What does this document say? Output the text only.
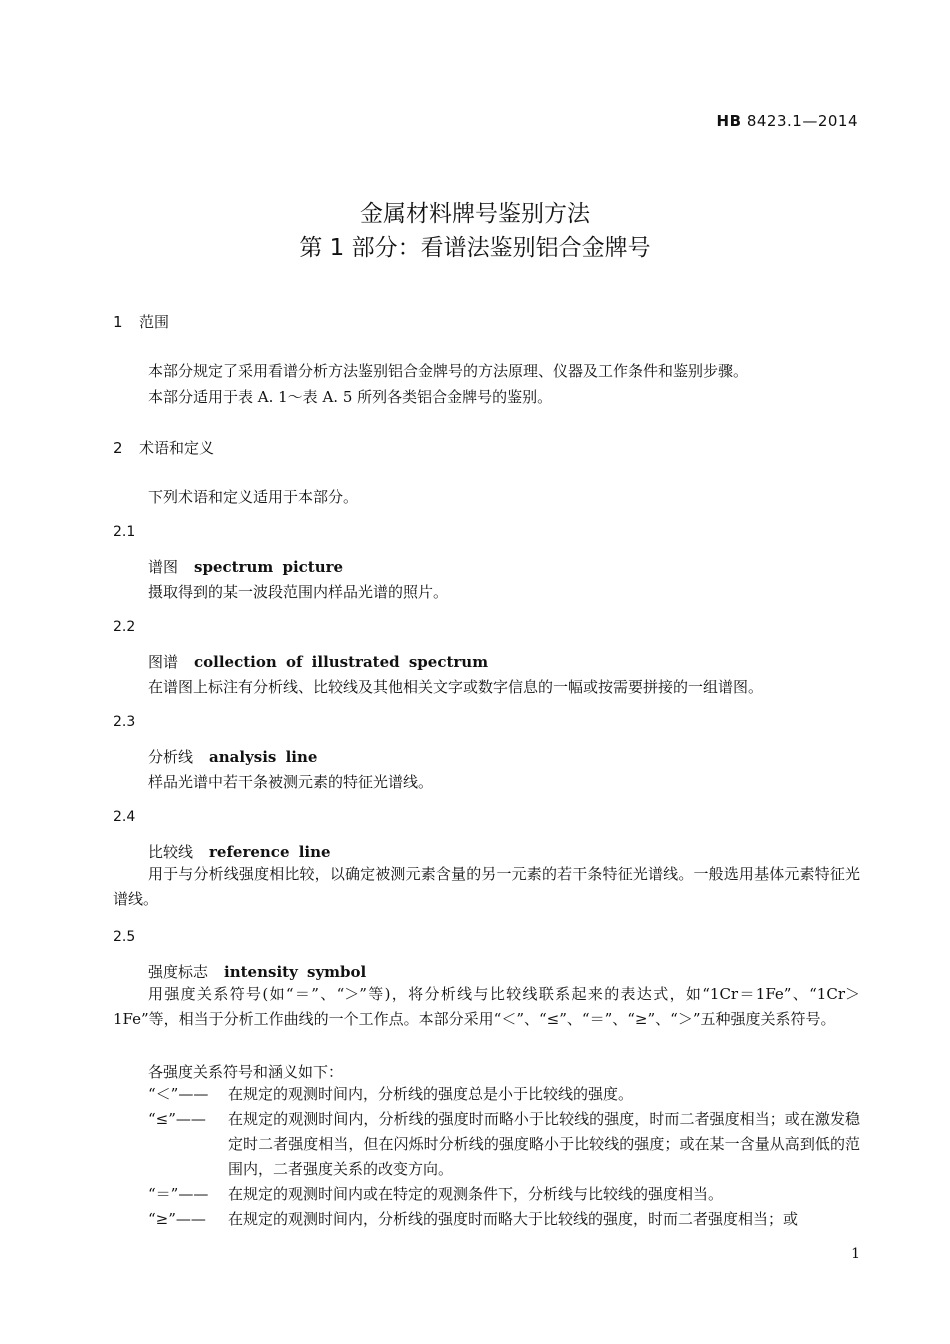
HB 8423.1—2014
金属材料牌号鉴别方法
第 1 部分：看谱法鉴别铝合金牌号
1 范围
本部分规定了采用看谱分析方法鉴别铝合金牌号的方法原理、仪器及工作条件和鉴别步骤。
本部分适用于表 A. 1～表 A. 5 所列各类铝合金牌号的鉴别。
2 术语和定义
下列术语和定义适用于本部分。
2.1
谱图 spectrum picture
摄取得到的某一波段范围内样品光谱的照片。
2.2
图谱 collection of illustrated spectrum
在谱图上标注有分析线、比较线及其他相关文字或数字信息的一幅或按需要拼接的一组谱图。
2.3
分析线 analysis line
样品光谱中若干条被测元素的特征光谱线。
2.4
比较线 reference line
用于与分析线强度相比较，以确定被测元素含量的另一元素的若干条特征光谱线。一般选用基体元素特征光谱线。
2.5
强度标志 intensity symbol
用强度关系符号(如“＝”、“＞”等)，将分析线与比较线联系起来的表达式，如“1Cr＝1Fe”、“1Cr＞1Fe”等，相当于分析工作曲线的一个工作点。本部分采用“＜”、“≤”、“＝”、“≥”、“＞”五种强度关系符号。
各强度关系符号和涵义如下：
“＜”——	在规定的观测时间内，分析线的强度总是小于比较线的强度。
“≤”——	在规定的观测时间内，分析线的强度时而略小于比较线的强度，时而二者强度相当；或在激发稳定时二者强度相当，但在闪烁时分析线的强度略小于比较线的强度；或在某一含量从高到低的范围内，二者强度关系的改变方向。
“＝”——	在规定的观测时间内或在特定的观测条件下，分析线与比较线的强度相当。
“≥”——	在规定的观测时间内，分析线的强度时而略大于比较线的强度，时而二者强度相当；或
1
